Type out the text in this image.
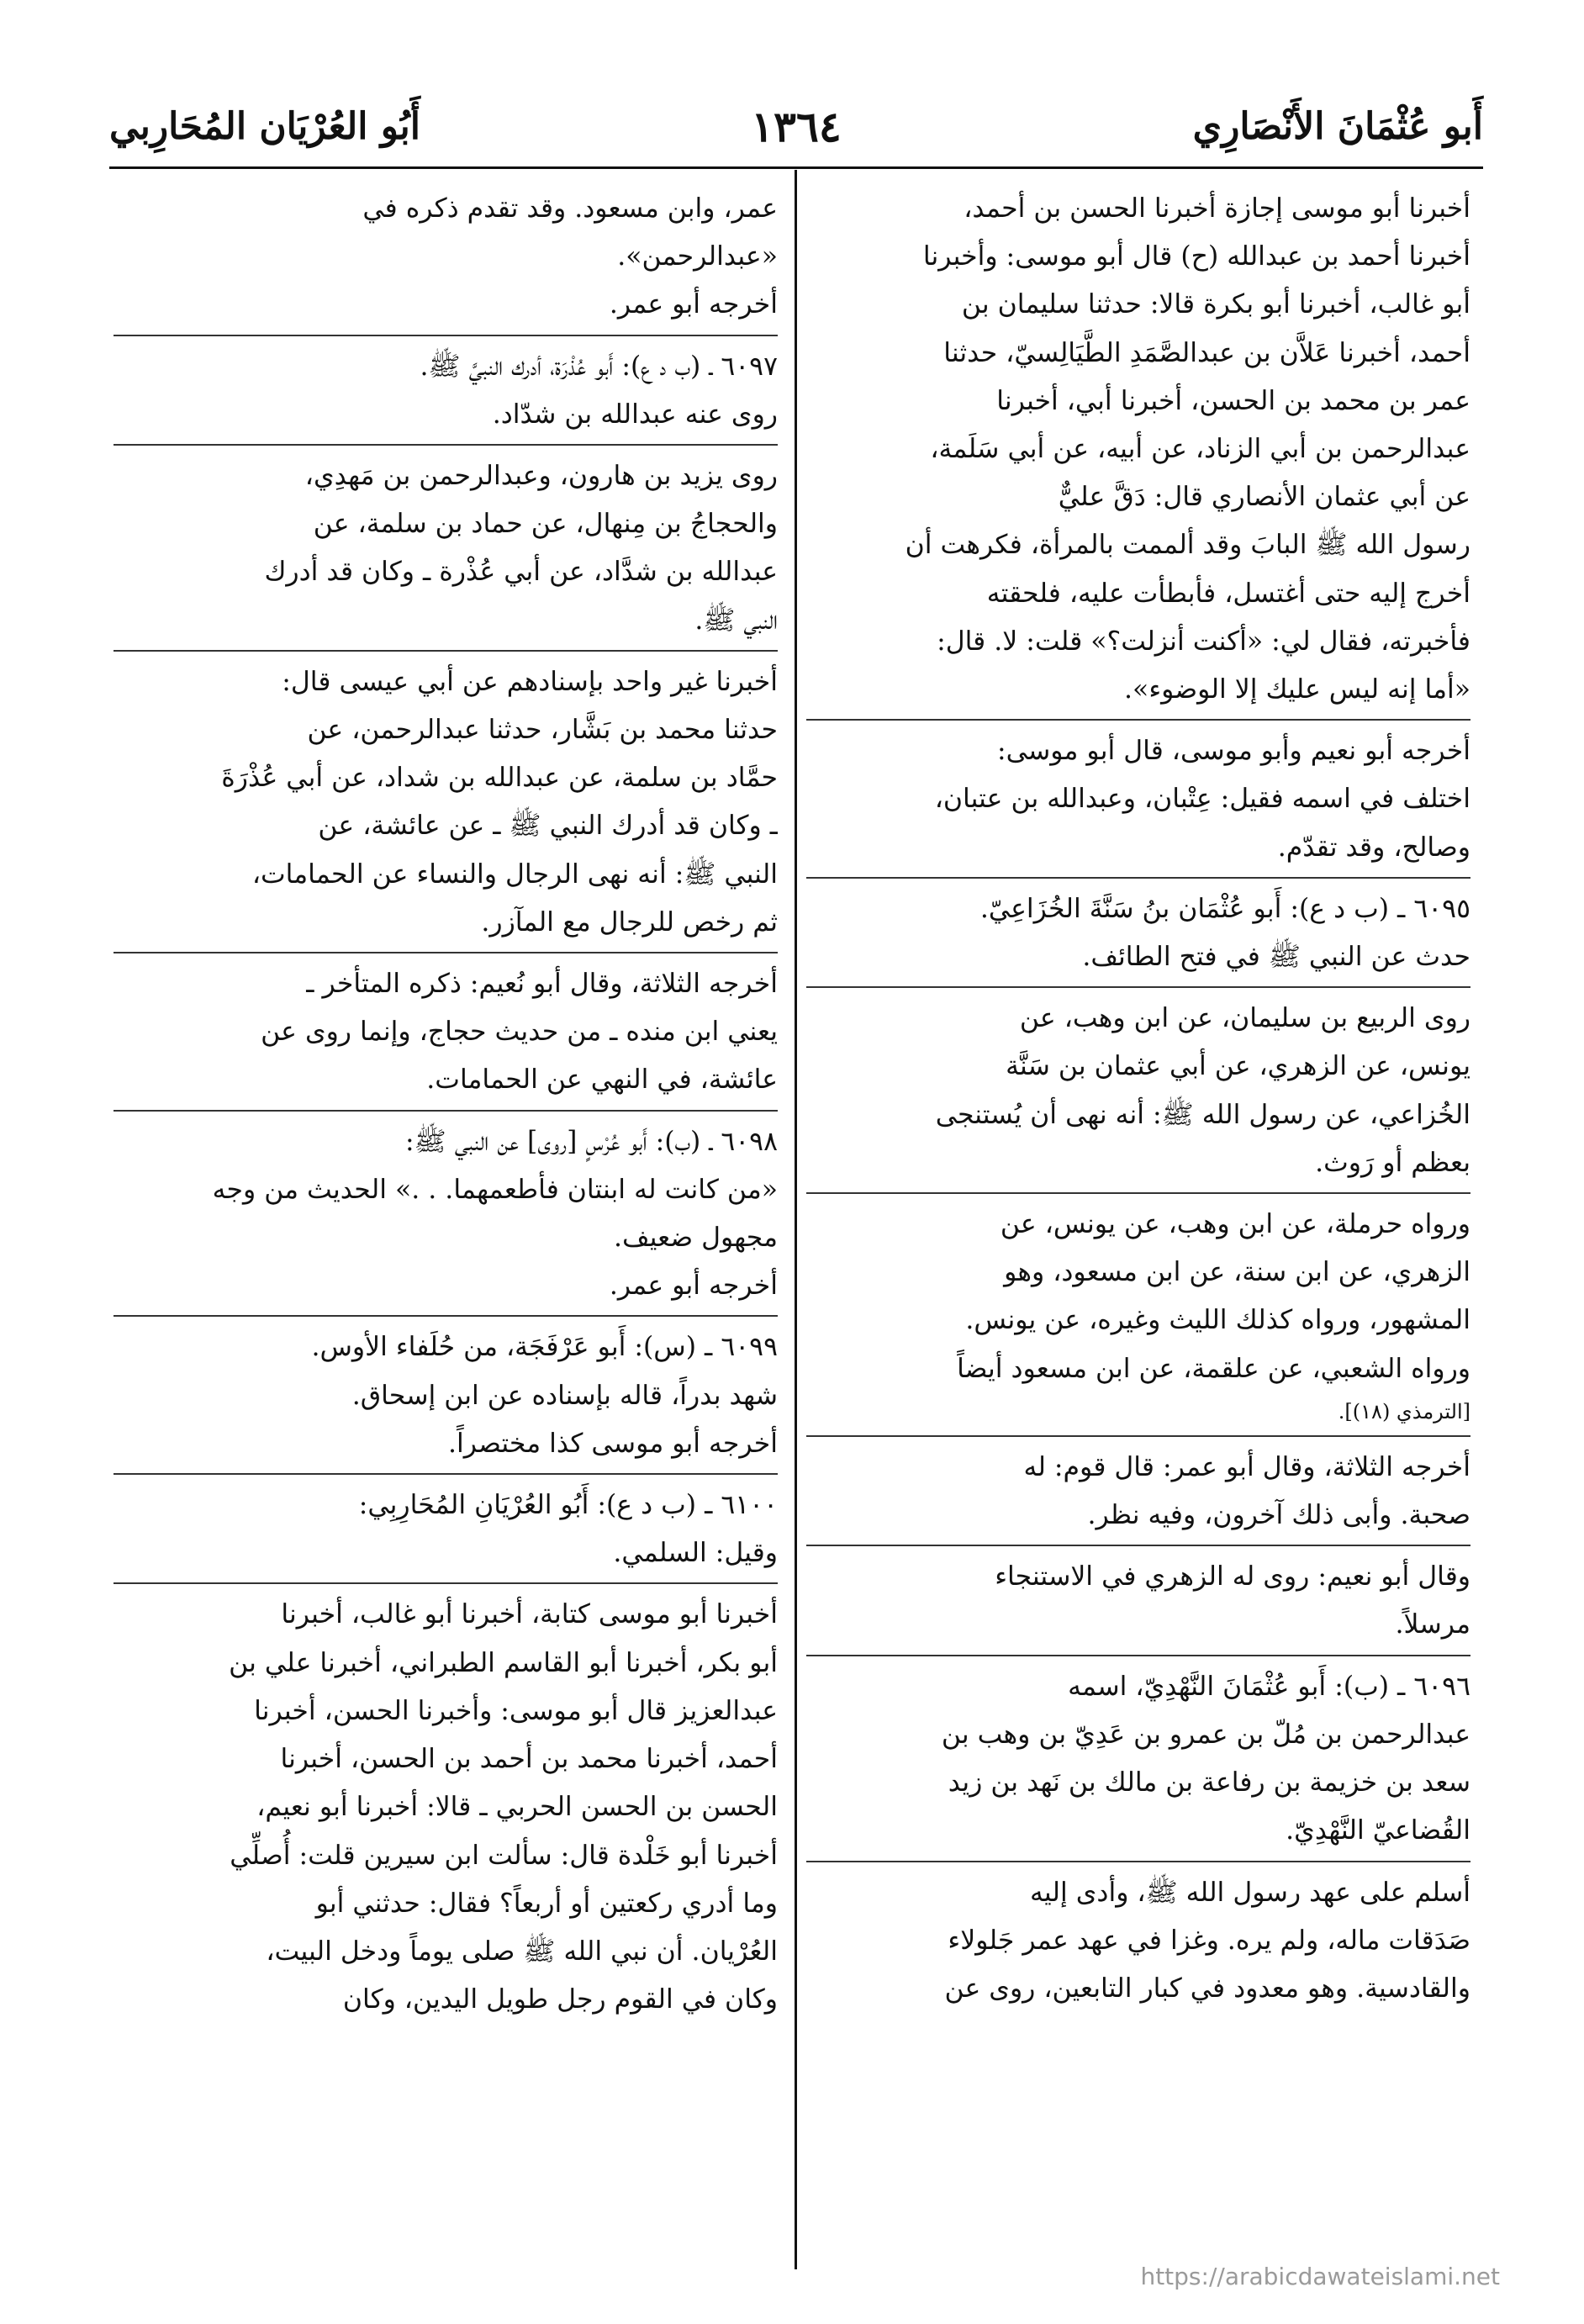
أَبو عُثْمَانَ الأَنْصَارِي
١٣٦٤
أَبُو العُرْيَان المُحَارِبي

أخبرنا أبو موسى إجازة أخبرنا الحسن بن أحمد،

أخبرنا أحمد بن عبدالله (ح) قال أبو موسى: وأخبرنا

أبو غالب، أخبرنا أبو بكرة قالا: حدثنا سليمان بن

أحمد، أخبرنا عَلاَّن بن عبدالصَّمَدِ الطَّيَالِسيّ، حدثنا

عمر بن محمد بن الحسن، أخبرنا أبي، أخبرنا

عبدالرحمن بن أبي الزناد، عن أبيه، عن أبي سَلَمة،

عن أبي عثمان الأنصاري قال: دَقَّ عليٌّ

رسول الله ﷺ البابَ وقد ألممت بالمرأة، فكرهت أن

أخرج إليه حتى أغتسل، فأبطأت عليه، فلحقته

فأخبرته، فقال لي: «أكنت أنزلت؟» قلت: لا. قال:

«أما إنه ليس عليك إلا الوضوء».

أخرجه أبو نعيم وأبو موسى، قال أبو موسى:

اختلف في اسمه فقيل: عِتْبان، وعبدالله بن عتبان،

وصالح، وقد تقدّم.

٦٠٩٥ ـ (ب د ع): أَبو عُثْمَان بنُ سَنَّةَ الخُزَاعِيّ.

حدث عن النبي ﷺ في فتح الطائف.

روى الربيع بن سليمان، عن ابن وهب، عن

يونس، عن الزهري، عن أبي عثمان بن سَنَّة

الخُزاعي، عن رسول الله ﷺ: أنه نهى أن يُستنجى

بعظم أو رَوث.

ورواه حرملة، عن ابن وهب، عن يونس، عن

الزهري، عن ابن سنة، عن ابن مسعود، وهو

المشهور، ورواه كذلك الليث وغيره، عن يونس.

ورواه الشعبي، عن علقمة، عن ابن مسعود أيضاً

[الترمذي (١٨)].

أخرجه الثلاثة، وقال أبو عمر: قال قوم: له

صحبة. وأبى ذلك آخرون، وفيه نظر.

وقال أبو نعيم: روى له الزهري في الاستنجاء

مرسلاً.

٦٠٩٦ ـ (ب): أَبو عُثْمَانَ النَّهْدِيّ، اسمه

عبدالرحمن بن مُلّ بن عمرو بن عَدِيّ بن وهب بن

سعد بن خزيمة بن رفاعة بن مالك بن نَهد بن زيد

القُضاعيّ النَّهْدِيّ.

أسلم على عهد رسول الله ﷺ، وأدى إليه

صَدَقات ماله، ولم يره. وغزا في عهد عمر جَلولاء

والقادسية. وهو معدود في كبار التابعين، روى عن

عمر، وابن مسعود. وقد تقدم ذكره في

«عبدالرحمن».

أخرجه أبو عمر.

٦٠٩٧ ـ (ب د ع): أَبو عُذْرَة، أدرك النبيَّ ﷺ.

روى عنه عبدالله بن شدّاد.

روى يزيد بن هارون، وعبدالرحمن بن مَهدِي،

والحجاجُ بن مِنهال، عن حماد بن سلمة، عن

عبدالله بن شدَّاد، عن أبي عُذْرة ـ وكان قد أدرك

النبي ﷺ.

أخبرنا غير واحد بإسنادهم عن أبي عيسى قال:

حدثنا محمد بن بَشَّار، حدثنا عبدالرحمن، عن

حمَّاد بن سلمة، عن عبدالله بن شداد، عن أبي عُذْرَةَ

ـ وكان قد أدرك النبي ﷺ ـ عن عائشة، عن

النبي ﷺ: أنه نهى الرجال والنساء عن الحمامات،

ثم رخص للرجال مع المآزر.

أخرجه الثلاثة، وقال أبو نُعيم: ذكره المتأخر ـ

يعني ابن منده ـ من حديث حجاج، وإنما روى عن

عائشة، في النهي عن الحمامات.

٦٠٩٨ ـ (ب): أَبو عُرْسٍ [روى] عن النبي ﷺ:

«من كانت له ابنتان فأطعمهما. . .» الحديث من وجه

مجهول ضعيف.

أخرجه أبو عمر.

٦٠٩٩ ـ (س): أَبو عَرْفَجَة، من حُلَفاء الأوس.

شهد بدراً، قاله بإسناده عن ابن إسحاق.

أخرجه أبو موسى كذا مختصراً.

٦١٠٠ ـ (ب د ع): أَبُو العُرْيَانِ المُحَارِبِي:

وقيل: السلمي.

أخبرنا أبو موسى كتابة، أخبرنا أبو غالب، أخبرنا

أبو بكر، أخبرنا أبو القاسم الطبراني، أخبرنا علي بن

عبدالعزيز قال أبو موسى: وأخبرنا الحسن، أخبرنا

أحمد، أخبرنا محمد بن أحمد بن الحسن، أخبرنا

الحسن بن الحسن الحربي ـ قالا: أخبرنا أبو نعيم،

أخبرنا أبو خَلْدة قال: سألت ابن سيرين قلت: أُصلِّي

وما أدري ركعتين أو أربعاً؟ فقال: حدثني أبو

العُرْيان. أن نبي الله ﷺ صلى يوماً ودخل البيت،

وكان في القوم رجل طويل اليدين، وكان

https://arabicdawateislami.net
